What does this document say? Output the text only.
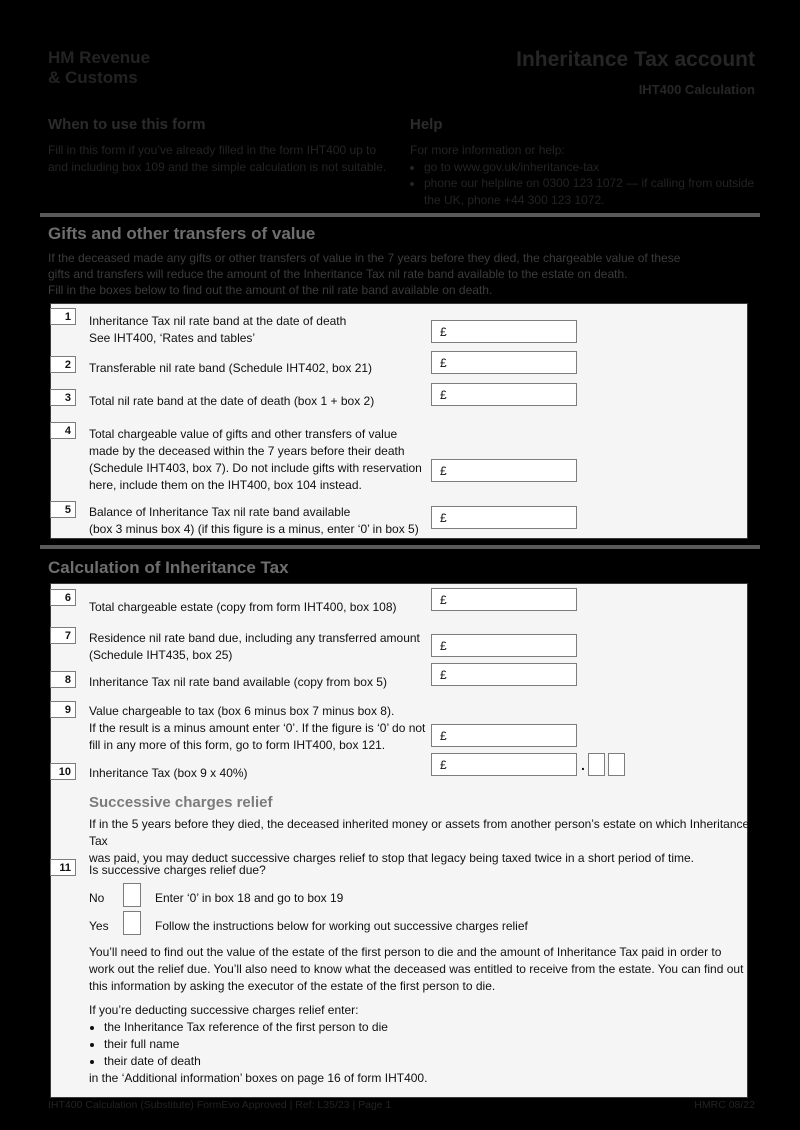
HM Revenue
& Customs
Inheritance Tax account
IHT400 Calculation
When to use this form

Fill in this form if you’ve already filled in the form IHT400 up to and including box 109 and the simple calculation is not suitable.

Help

For more information or help:

• go to www.gov.uk/inheritance-tax
• phone our helpline on 0300 123 1072 — if calling from outside the UK, phone +44 300 123 1072.
Gifts and other transfers of value
If the deceased made any gifts or other transfers of value in the 7 years before they died, the chargeable value of these
gifts and transfers will reduce the amount of the Inheritance Tax nil rate band available to the estate on death.
Fill in the boxes below to find out the amount of the nil rate band available on death.
1	Inheritance Tax nil rate band at the date of death
See IHT400, ‘Rates and tables’	£
2	Transferable nil rate band (Schedule IHT402, box 21)	£
3	Total nil rate band at the date of death (box 1 + box 2)	£
4	Total chargeable value of gifts and other transfers of value
made by the deceased within the 7 years before their death
(Schedule IHT403, box 7). Do not include gifts with reservation
here, include them on the IHT400, box 104 instead.
£
5	Balance of Inheritance Tax nil rate band available
(box 3 minus box 4) (if this figure is a minus, enter ‘0’ in box 5)
£
Calculation of Inheritance Tax
6
Total chargeable estate (copy from form IHT400, box 108)	£
7	Residence nil rate band due, including any transferred amount
(Schedule IHT435, box 25)
£
8	Inheritance Tax nil rate band available (copy from box 5)	£
9	Value chargeable to tax (box 6 minus box 7 minus box 8).
If the result is a minus amount enter ‘0’. If the figure is ‘0’ do not
fill in any more of this form, go to form IHT400, box 121.
£
10	Inheritance Tax (box 9 x 40%)
£	.
Successive charges relief
If in the 5 years before they died, the deceased inherited money or assets from another person’s estate on which Inheritance Tax
was paid, you may deduct successive charges relief to stop that legacy being taxed twice in a short period of time.
11	Is successive charges relief due?
No	Enter ‘0’ in box 18 and go to box 19
Yes	Follow the instructions below for working out successive charges relief
You’ll need to find out the value of the estate of the first person to die and the amount of Inheritance Tax paid in order to
work out the relief due. You’ll also need to know what the deceased was entitled to receive from the estate. You can find out
this information by asking the executor of the estate of the first person to die.
If you’re deducting successive charges relief enter:
• the Inheritance Tax reference of the first person to die
• their full name
• their date of death
in the ‘Additional information’ boxes on page 16 of form IHT400.
IHT400 Calculation (Substitute) FormEvo Approved | Ref: L35/23 | Page 1	HMRC 08/22
